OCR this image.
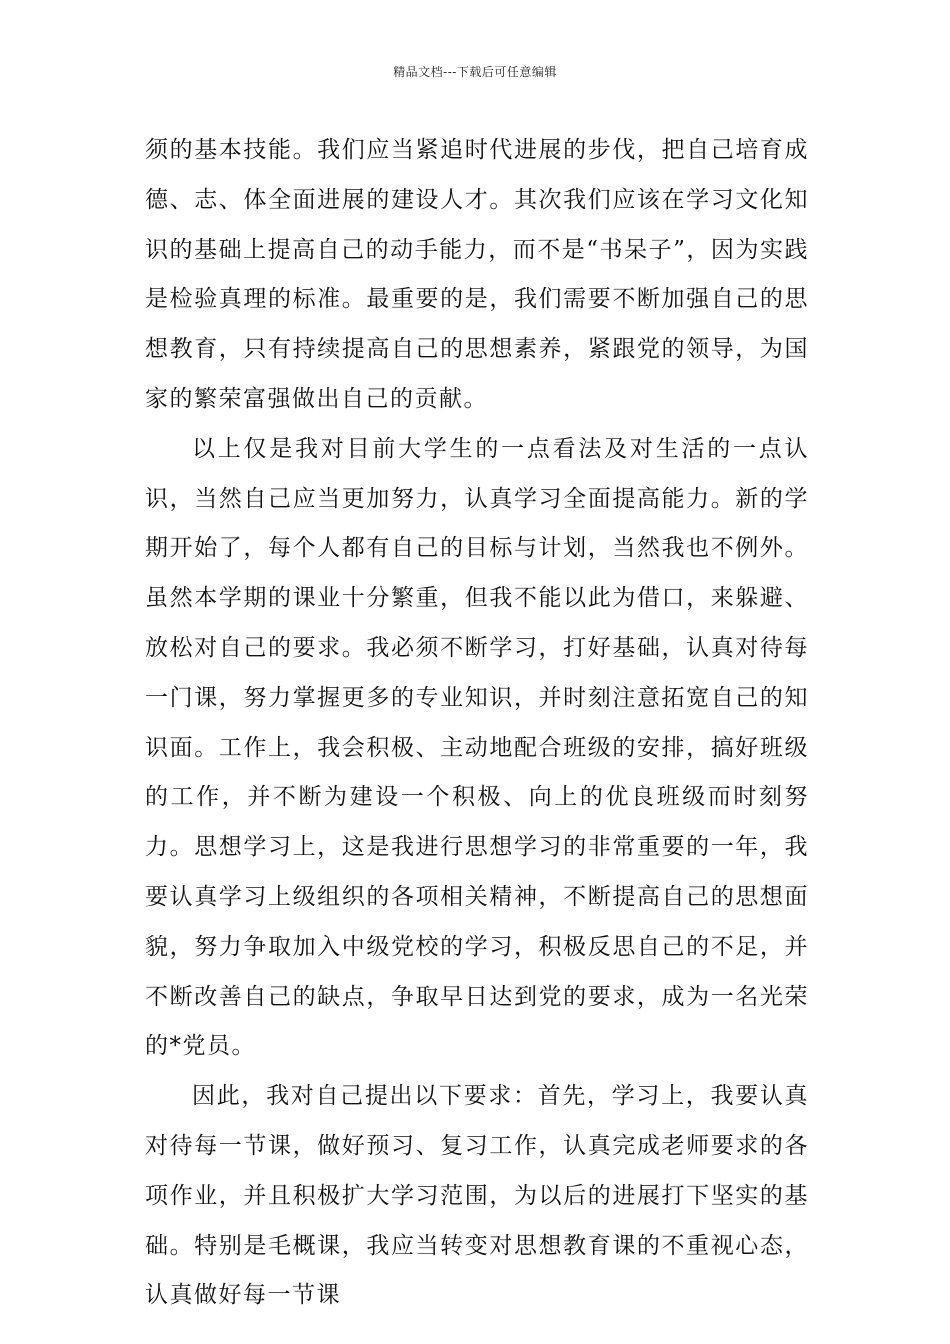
精品文档---下载后可任意编辑

须的基本技能。我们应当紧追时代进展的步伐，把自己培育成德、志、体全面进展的建设人才。其次我们应该在学习文化知识的基础上提高自己的动手能力，而不是“书呆子”，因为实践是检验真理的标准。最重要的是，我们需要不断加强自己的思想教育，只有持续提高自己的思想素养，紧跟党的领导，为国家的繁荣富强做出自己的贡献。

以上仅是我对目前大学生的一点看法及对生活的一点认识，当然自己应当更加努力，认真学习全面提高能力。新的学期开始了，每个人都有自己的目标与计划，当然我也不例外。虽然本学期的课业十分繁重，但我不能以此为借口，来躲避、放松对自己的要求。我必须不断学习，打好基础，认真对待每一门课，努力掌握更多的专业知识，并时刻注意拓宽自己的知识面。工作上，我会积极、主动地配合班级的安排，搞好班级的工作，并不断为建设一个积极、向上的优良班级而时刻努力。思想学习上，这是我进行思想学习的非常重要的一年，我要认真学习上级组织的各项相关精神，不断提高自己的思想面貌，努力争取加入中级党校的学习，积极反思自己的不足，并不断改善自己的缺点，争取早日达到党的要求，成为一名光荣的*党员。

因此，我对自己提出以下要求：首先，学习上，我要认真对待每一节课，做好预习、复习工作，认真完成老师要求的各项作业，并且积极扩大学习范围，为以后的进展打下坚实的基础。特别是毛概课，我应当转变对思想教育课的不重视心态，认真做好每一节课
